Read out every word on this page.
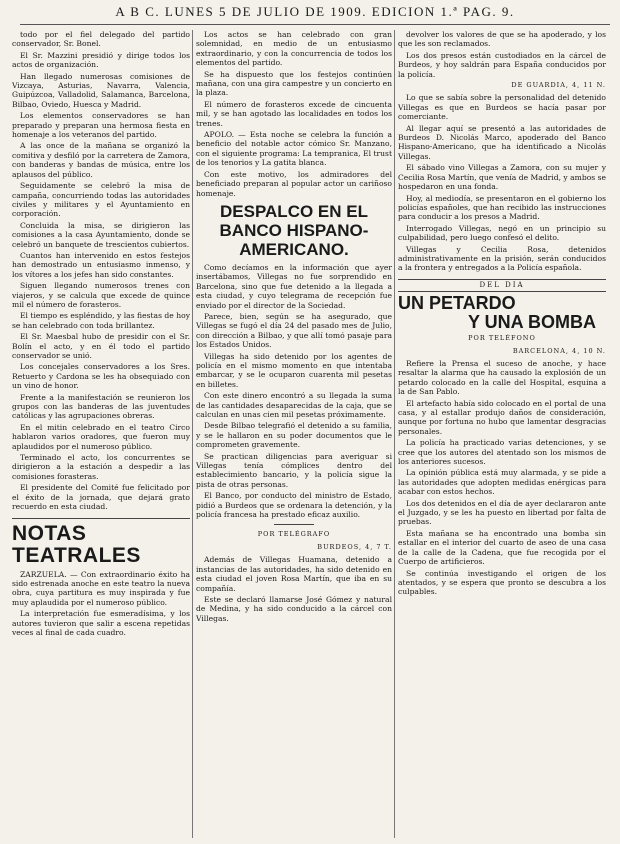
A B C. LUNES 5 DE JULIO DE 1909. EDICION 1.ª PAG. 9.

todo por el fiel delegado del partido conservador, Sr. Bonel.

El Sr. Mazzini presidió y dirige todos los actos de organización.

Han llegado numerosas comisiones de Vizcaya, Asturias, Navarra, Valencia, Guipúzcoa, Valladolid, Salamanca, Barcelona, Bilbao, Oviedo, Huesca y Madrid.

Los elementos conservadores se han preparado y preparan una hermosa fiesta en homenaje a los veteranos del partido.

A las once de la mañana se organizó la comitiva y desfiló por la carretera de Zamora, con banderas y bandas de música, entre los aplausos del público.

Seguidamente se celebró la misa de campaña, concurriendo todas las autoridades civiles y militares y el Ayuntamiento en corporación.

Concluida la misa, se dirigieron las comisiones a la casa Ayuntamiento, donde se celebró un banquete de trescientos cubiertos.

Cuantos han intervenido en estos festejos han demostrado un entusiasmo inmenso, y los vítores a los jefes han sido constantes.

Siguen llegando numerosos trenes con viajeros, y se calcula que excede de quince mil el número de forasteros.

El tiempo es espléndido, y las fiestas de hoy se han celebrado con toda brillantez.

El Sr. Maesbal hubo de presidir con el Sr. Bolín el acto, y en él todo el partido conservador se unió.

Los concejales conservadores a los Sres. Retuerto y Cardona se les ha obsequiado con un vino de honor.

Frente a la manifestación se reunieron los grupos con las banderas de las juventudes católicas y las agrupaciones obreras.

En el mitin celebrado en el teatro Circo hablaron varios oradores, que fueron muy aplaudidos por el numeroso público.

Terminado el acto, los concurrentes se dirigieron a la estación a despedir a las comisiones forasteras.

El presidente del Comité fue felicitado por el éxito de la jornada, que dejará grato recuerdo en esta ciudad.

NOTAS TEATRALES

ZARZUELA. — Con extraordinario éxito ha sido estrenada anoche en este teatro la nueva obra, cuya partitura es muy inspirada y fue muy aplaudida por el numeroso público.

La interpretación fue esmeradísima, y los autores tuvieron que salir a escena repetidas veces al final de cada cuadro.

Los actos se han celebrado con gran solemnidad, en medio de un entusiasmo extraordinario, y con la concurrencia de todos los elementos del partido.

Se ha dispuesto que los festejos continúen mañana, con una gira campestre y un concierto en la plaza.

El número de forasteros excede de cincuenta mil, y se han agotado las localidades en todos los trenes.

APOLO. — Esta noche se celebra la función a beneficio del notable actor cómico Sr. Manzano, con el siguiente programa: La tempranica, El trust de los tenorios y La gatita blanca.

Con este motivo, los admiradores del beneficiado preparan al popular actor un cariñoso homenaje.

DESPALCO EN EL BANCO HISPANO-AMERICANO.

Como decíamos en la información que ayer insertábamos, Villegas no fue sorprendido en Barcelona, sino que fue detenido a la llegada a esta ciudad, y cuyo telegrama de recepción fue enviado por el director de la Sociedad.

Parece, bien, según se ha asegurado, que Villegas se fugó el día 24 del pasado mes de Julio, con dirección a Bilbao, y que allí tomó pasaje para los Estados Unidos.

Villegas ha sido detenido por los agentes de policía en el mismo momento en que intentaba embarcar, y se le ocuparon cuarenta mil pesetas en billetes.

Con este dinero encontró a su llegada la suma de las cantidades desaparecidas de la caja, que se calculan en unas cien mil pesetas próximamente.

Desde Bilbao telegrafió el detenido a su familia, y se le hallaron en su poder documentos que le comprometen gravemente.

Se practican diligencias para averiguar si Villegas tenía cómplices dentro del establecimiento bancario, y la policía sigue la pista de otras personas.

El Banco, por conducto del ministro de Estado, pidió a Burdeos que se ordenara la detención, y la policía francesa ha prestado eficaz auxilio.

POR TELÉGRAFO
BURDEOS, 4, 7 T.

Además de Villegas Huamana, detenido a instancias de las autoridades, ha sido detenido en esta ciudad el joven Rosa Martín, que iba en su compañía.

Este se declaró llamarse José Gómez y natural de Medina, y ha sido conducido a la cárcel con Villegas.

devolver los valores de que se ha apoderado, y los que les son reclamados.

Los dos presos están custodiados en la cárcel de Burdeos, y hoy saldrán para España conducidos por la policía.

DE GUARDIA, 4, 11 N.

Lo que se sabía sobre la personalidad del detenido Villegas es que en Burdeos se hacía pasar por comerciante.

Al llegar aquí se presentó a las autoridades de Burdeos D. Nicolás Marco, apoderado del Banco Hispano-Americano, que ha identificado a Nicolás Villegas.

El sábado vino Villegas a Zamora, con su mujer y Cecilia Rosa Martín, que venía de Madrid, y ambos se hospedaron en una fonda.

Hoy, al mediodía, se presentaron en el gobierno los policías españoles, que han recibido las instrucciones para conducir a los presos a Madrid.

Interrogado Villegas, negó en un principio su culpabilidad, pero luego confesó el delito.

Villegas y Cecilia Rosa, detenidos administrativamente en la prisión, serán conducidos a la frontera y entregados a la Policía española.

DEL DIA
UN PETARDO
Y UNA BOMBA
POR TELÉFONO
BARCELONA, 4, 10 N.

Refiere la Prensa el suceso de anoche, y hace resaltar la alarma que ha causado la explosión de un petardo colocado en la calle del Hospital, esquina a la de San Pablo.

El artefacto había sido colocado en el portal de una casa, y al estallar produjo daños de consideración, aunque por fortuna no hubo que lamentar desgracias personales.

La policía ha practicado varias detenciones, y se cree que los autores del atentado son los mismos de los anteriores sucesos.

La opinión pública está muy alarmada, y se pide a las autoridades que adopten medidas enérgicas para acabar con estos hechos.

Los dos detenidos en el día de ayer declararon ante el Juzgado, y se les ha puesto en libertad por falta de pruebas.

Esta mañana se ha encontrado una bomba sin estallar en el interior del cuarto de aseo de una casa de la calle de la Cadena, que fue recogida por el Cuerpo de artificieros.

Se continúa investigando el origen de los atentados, y se espera que pronto se descubra a los culpables.
